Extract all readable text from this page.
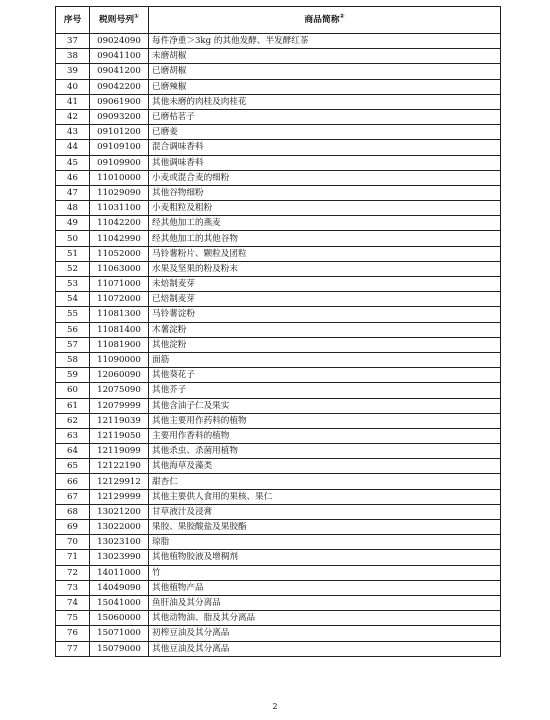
序号	税则号列①	商品简称②
37	09024090	每件净重＞3kg 的其他发酵、半发酵红茶
38	09041100	未磨胡椒
39	09041200	已磨胡椒
40	09042200	已磨辣椒
41	09061900	其他未磨的肉桂及肉桂花
42	09093200	已磨枯茗子
43	09101200	已磨姜
44	09109100	混合调味香料
45	09109900	其他调味香料
46	11010000	小麦或混合麦的细粉
47	11029090	其他谷物细粉
48	11031100	小麦粗粒及粗粉
49	11042200	经其他加工的燕麦
50	11042990	经其他加工的其他谷物
51	11052000	马铃薯粉片、颗粒及团粒
52	11063000	水果及坚果的粉及粉末
53	11071000	未焙制麦芽
54	11072000	已焙制麦芽
55	11081300	马铃薯淀粉
56	11081400	木薯淀粉
57	11081900	其他淀粉
58	11090000	面筋
59	12060090	其他葵花子
60	12075090	其他芥子
61	12079999	其他含油子仁及果实
62	12119039	其他主要用作药料的植物
63	12119050	主要用作香料的植物
64	12119099	其他杀虫、杀菌用植物
65	12122190	其他海草及藻类
66	12129912	甜杏仁
67	12129999	其他主要供人食用的果核、果仁
68	13021200	甘草液汁及浸膏
69	13022000	果胶、果胶酸盐及果胶酯
70	13023100	琼脂
71	13023990	其他植物胶液及增稠剂
72	14011000	竹
73	14049090	其他植物产品
74	15041000	鱼肝油及其分离品
75	15060000	其他动物油、脂及其分离品
76	15071000	初榨豆油及其分离品
77	15079000	其他豆油及其分离品
2
